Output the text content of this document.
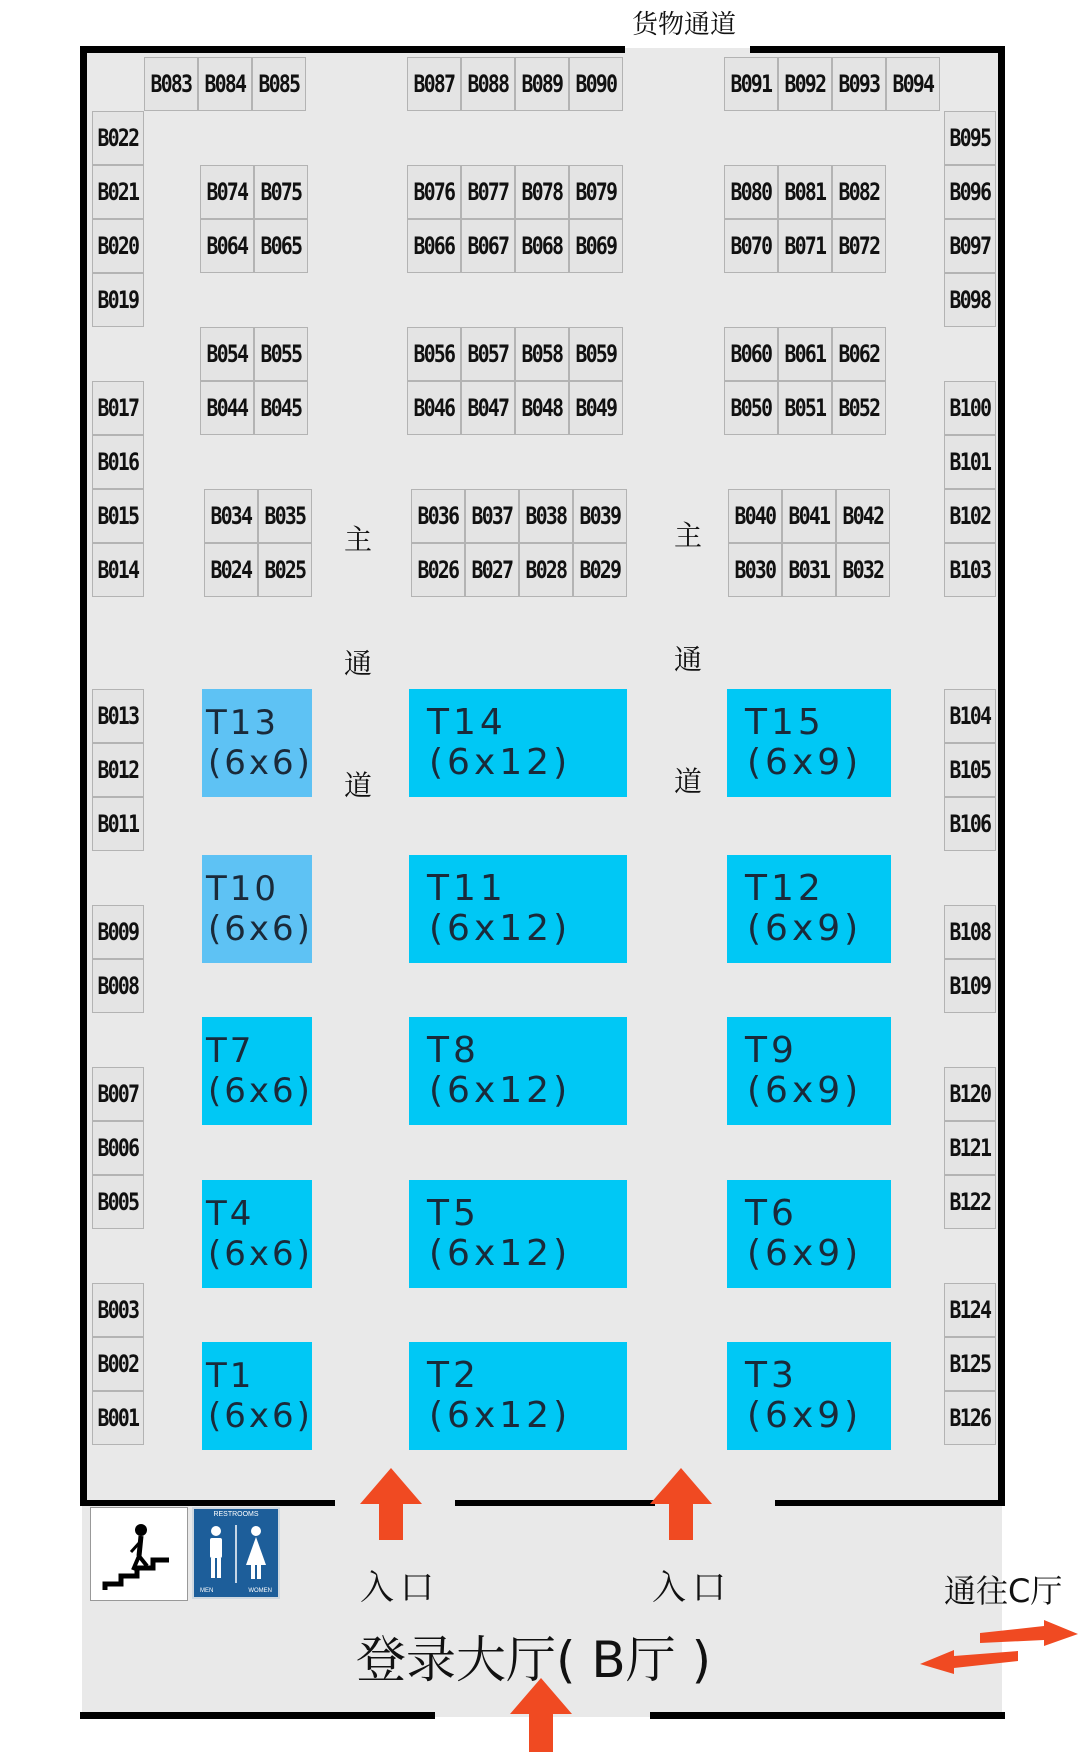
货物通道
B083 B084 B085	B087 B088 B089 B090	B091 B092 B093 B094
B022
B021
B020
B019
B017
B016
B015
B014
B013
B012
B011
B009
B008
B007
B006
B005
B003
B002
B001
B095
B096
B097
B098
B100
B101
B102
B103
B104
B105
B106
B108
B109
B120
B121
B122
B124
B125
B126
B074 B075
B064 B065
B076 B077 B078 B079
B066 B067 B068 B069
B080 B081 B082
B070 B071 B072
B054 B055
B044 B045
B056 B057 B058 B059
B046 B047 B048 B049
B060 B061 B062
B050 B051 B052
B034 B035
B024 B025
B036 B037 B038 B039
B026 B027 B028 B029
B040 B041 B042
B030 B031 B032
T13
(6x6)
T14
(6x12)
T15
(6x9)
T10
(6x6)
T11
(6x12)
T12
(6x9)
T7
(6x6)
T8
(6x12)
T9
(6x9)
T4
(6x6)
T5
(6x12)
T6
(6x9)
T1
(6x6)
T2
(6x12)
T3
(6x9)
主
通
道
主
通
道
RESTROOMS
MEN	WOMEN	入口	入口
登录大厅( B厅 )
通往C厅
